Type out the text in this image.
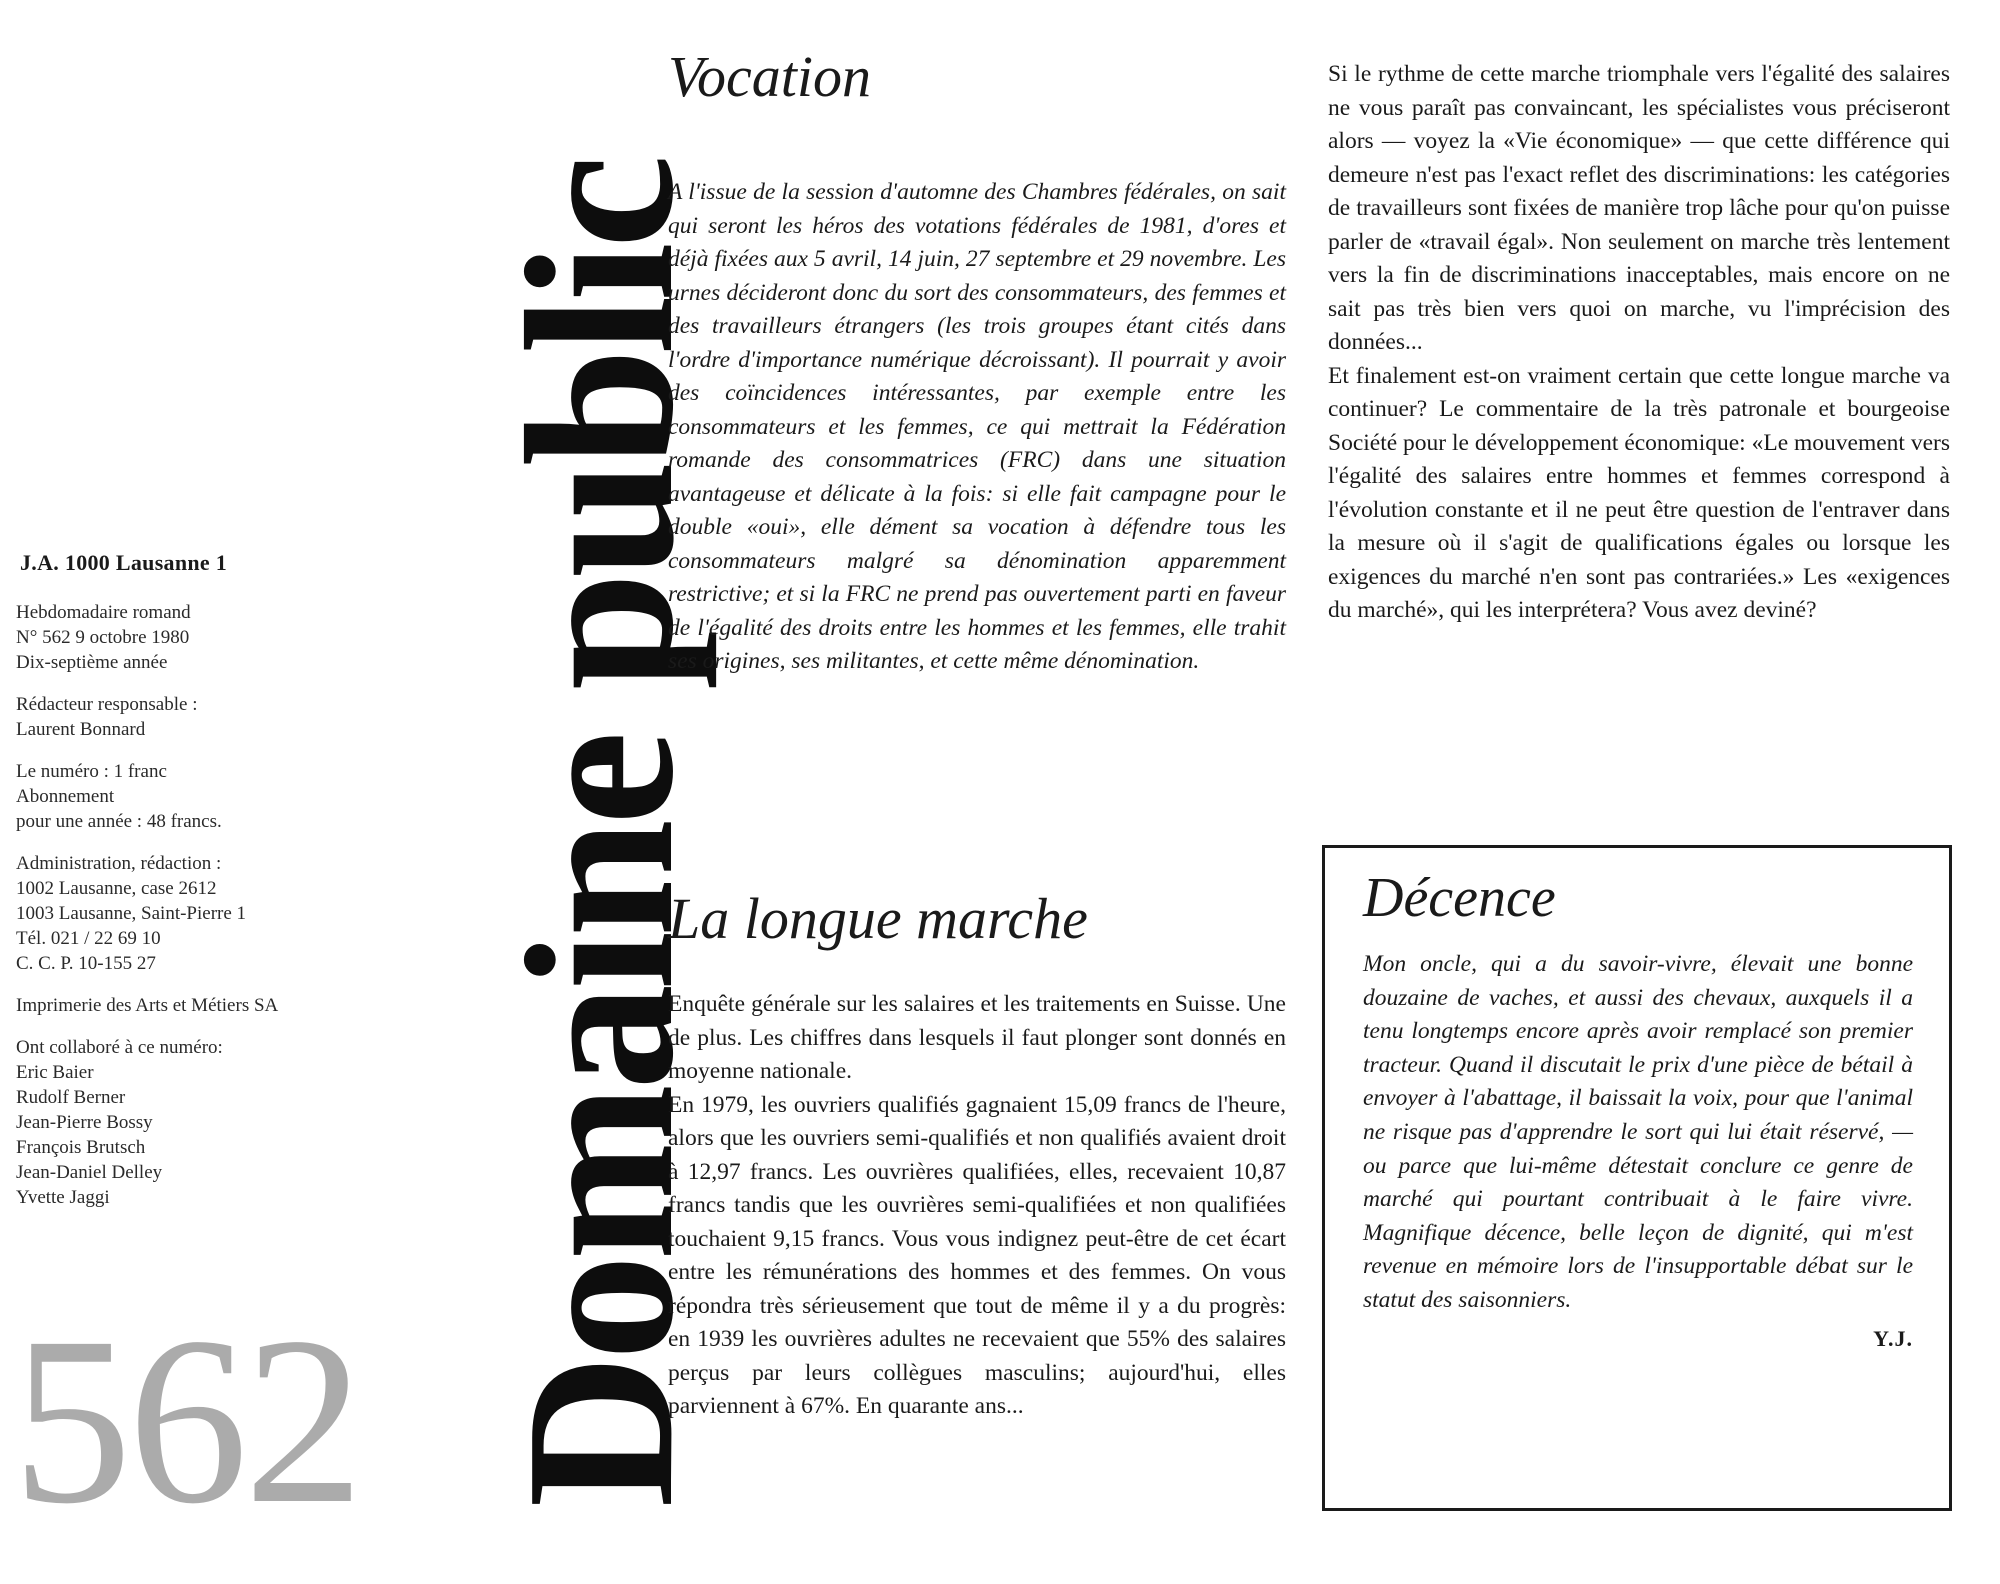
J.A. 1000 Lausanne 1
Hebdomadaire romand
N° 562 9 octobre 1980
Dix-septième année
Rédacteur responsable :
Laurent Bonnard
Le numéro : 1 franc
Abonnement
pour une année : 48 francs.
Administration, rédaction :
1002 Lausanne, case 2612
1003 Lausanne, Saint-Pierre 1
Tél. 021 / 22 69 10
C. C. P. 10-155 27
Imprimerie des Arts et Métiers SA
Ont collaboré à ce numéro:
Eric Baier
Rudolf Berner
Jean-Pierre Bossy
François Brutsch
Jean-Daniel Delley
Yvette Jaggi
562 Domaine public
Vocation

A l'issue de la session d'automne des Chambres fédérales, on sait qui seront les héros des votations fédérales de 1981, d'ores et déjà fixées aux 5 avril, 14 juin, 27 septembre et 29 novembre. Les urnes décideront donc du sort des consommateurs, des femmes et des travailleurs étrangers (les trois groupes étant cités dans l'ordre d'importance numérique décroissant). Il pourrait y avoir des coïncidences intéressantes, par exemple entre les consommateurs et les femmes, ce qui mettrait la Fédération romande des consommatrices (FRC) dans une situation avantageuse et délicate à la fois: si elle fait campagne pour le double «oui», elle dément sa vocation à défendre tous les consommateurs malgré sa dénomination apparemment restrictive; et si la FRC ne prend pas ouvertement parti en faveur de l'égalité des droits entre les hommes et les femmes, elle trahit ses origines, ses militantes, et cette même dénomination.

La longue marche

Enquête générale sur les salaires et les traitements en Suisse. Une de plus. Les chiffres dans lesquels il faut plonger sont donnés en moyenne nationale.

En 1979, les ouvriers qualifiés gagnaient 15,09 francs de l'heure, alors que les ouvriers semi-qualifiés et non qualifiés avaient droit à 12,97 francs. Les ouvrières qualifiées, elles, recevaient 10,87 francs tandis que les ouvrières semi-qualifiées et non qualifiées touchaient 9,15 francs. Vous vous indignez peut-être de cet écart entre les rémunérations des hommes et des femmes. On vous répondra très sérieusement que tout de même il y a du progrès: en 1939 les ouvrières adultes ne recevaient que 55% des salaires perçus par leurs collègues masculins; aujourd'hui, elles parviennent à 67%. En quarante ans...

Si le rythme de cette marche triomphale vers l'égalité des salaires ne vous paraît pas convaincant, les spécialistes vous préciseront alors — voyez la «Vie économique» — que cette différence qui demeure n'est pas l'exact reflet des discriminations: les catégories de travailleurs sont fixées de manière trop lâche pour qu'on puisse parler de «travail égal». Non seulement on marche très lentement vers la fin de discriminations inacceptables, mais encore on ne sait pas très bien vers quoi on marche, vu l'imprécision des données...

Et finalement est-on vraiment certain que cette longue marche va continuer? Le commentaire de la très patronale et bourgeoise Société pour le développement économique: «Le mouvement vers l'égalité des salaires entre hommes et femmes correspond à l'évolution constante et il ne peut être question de l'entraver dans la mesure où il s'agit de qualifications égales ou lorsque les exigences du marché n'en sont pas contrariées.» Les «exigences du marché», qui les interprétera? Vous avez deviné?

Décence

Mon oncle, qui a du savoir-vivre, élevait une bonne douzaine de vaches, et aussi des chevaux, auxquels il a tenu longtemps encore après avoir remplacé son premier tracteur. Quand il discutait le prix d'une pièce de bétail à envoyer à l'abattage, il baissait la voix, pour que l'animal ne risque pas d'apprendre le sort qui lui était réservé, — ou parce que lui-même détestait conclure ce genre de marché qui pourtant contribuait à le faire vivre. Magnifique décence, belle leçon de dignité, qui m'est revenue en mémoire lors de l'insupportable débat sur le statut des saisonniers.

Y.J.
